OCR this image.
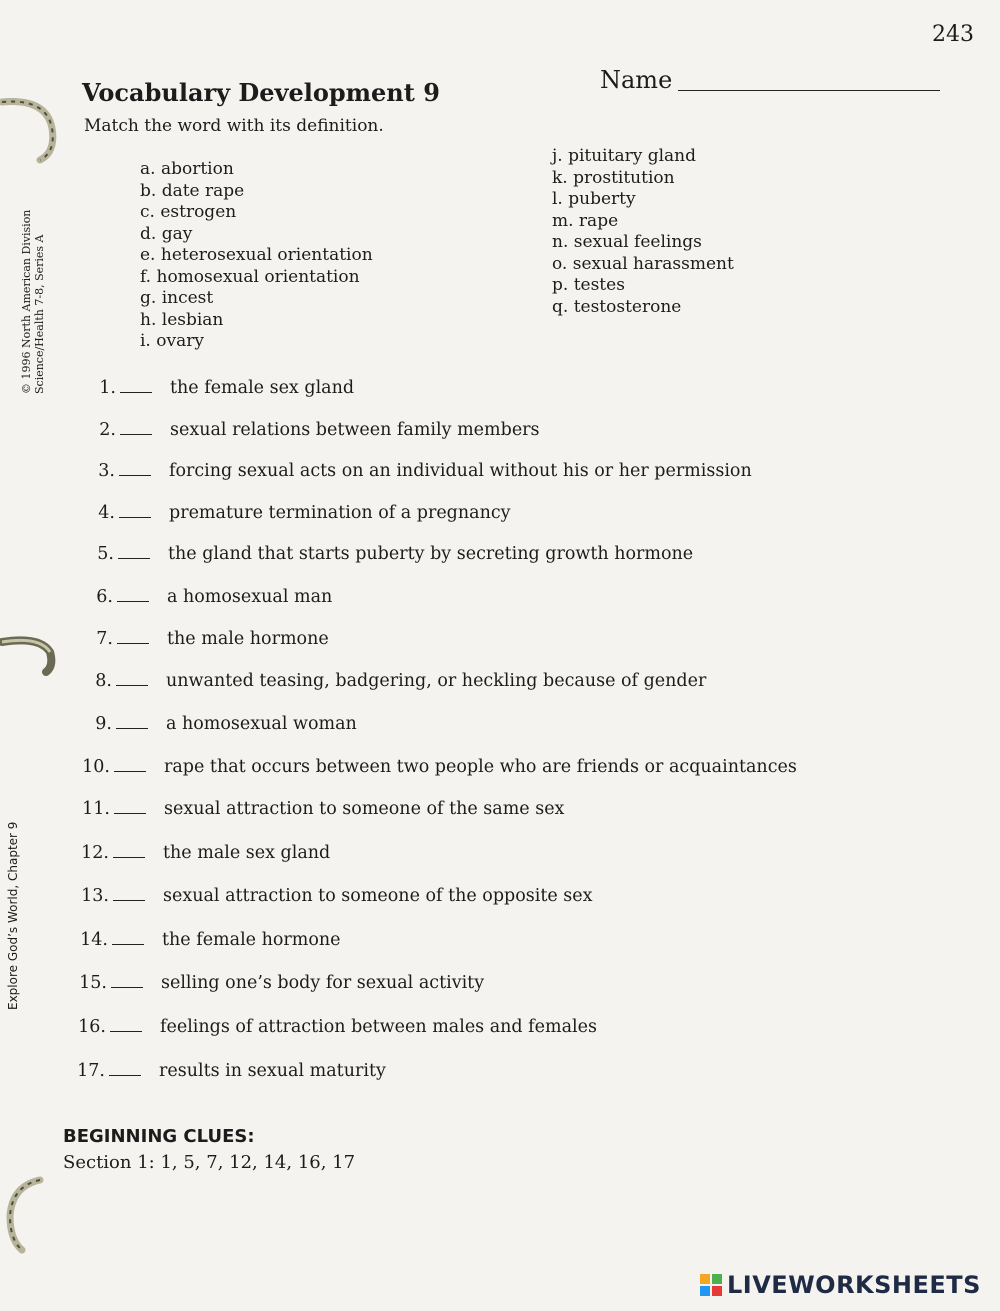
243
Vocabulary Development 9	Name
Match the word with its definition.
a. abortion
b. date rape
c. estrogen
d. gay
e. heterosexual orientation
f. homosexual orientation
g. incest
h. lesbian
i. ovary
j. pituitary gland
k. prostitution
l. puberty
m. rape
n. sexual feelings
o. sexual harassment
p. testes
q. testosterone
1.	the female sex gland
2.	sexual relations between family members
3.	forcing sexual acts on an individual without his or her permission
4.	premature termination of a pregnancy
5.	the gland that starts puberty by secreting growth hormone
6.	a homosexual man
7.	the male hormone
8.	unwanted teasing, badgering, or heckling because of gender
9.	a homosexual woman
10.	rape that occurs between two people who are friends or acquaintances
11.	sexual attraction to someone of the same sex
12.	the male sex gland
13.	sexual attraction to someone of the opposite sex
14.	the female hormone
15.	selling one’s body for sexual activity
16.	feelings of attraction between males and females
17.	results in sexual maturity
BEGINNING CLUES:
Section 1: 1, 5, 7, 12, 14, 16, 17
© 1996 North American Division Science/Health 7-8, Series A
Explore God’s World, Chapter 9
LIVEWORKSHEETS
